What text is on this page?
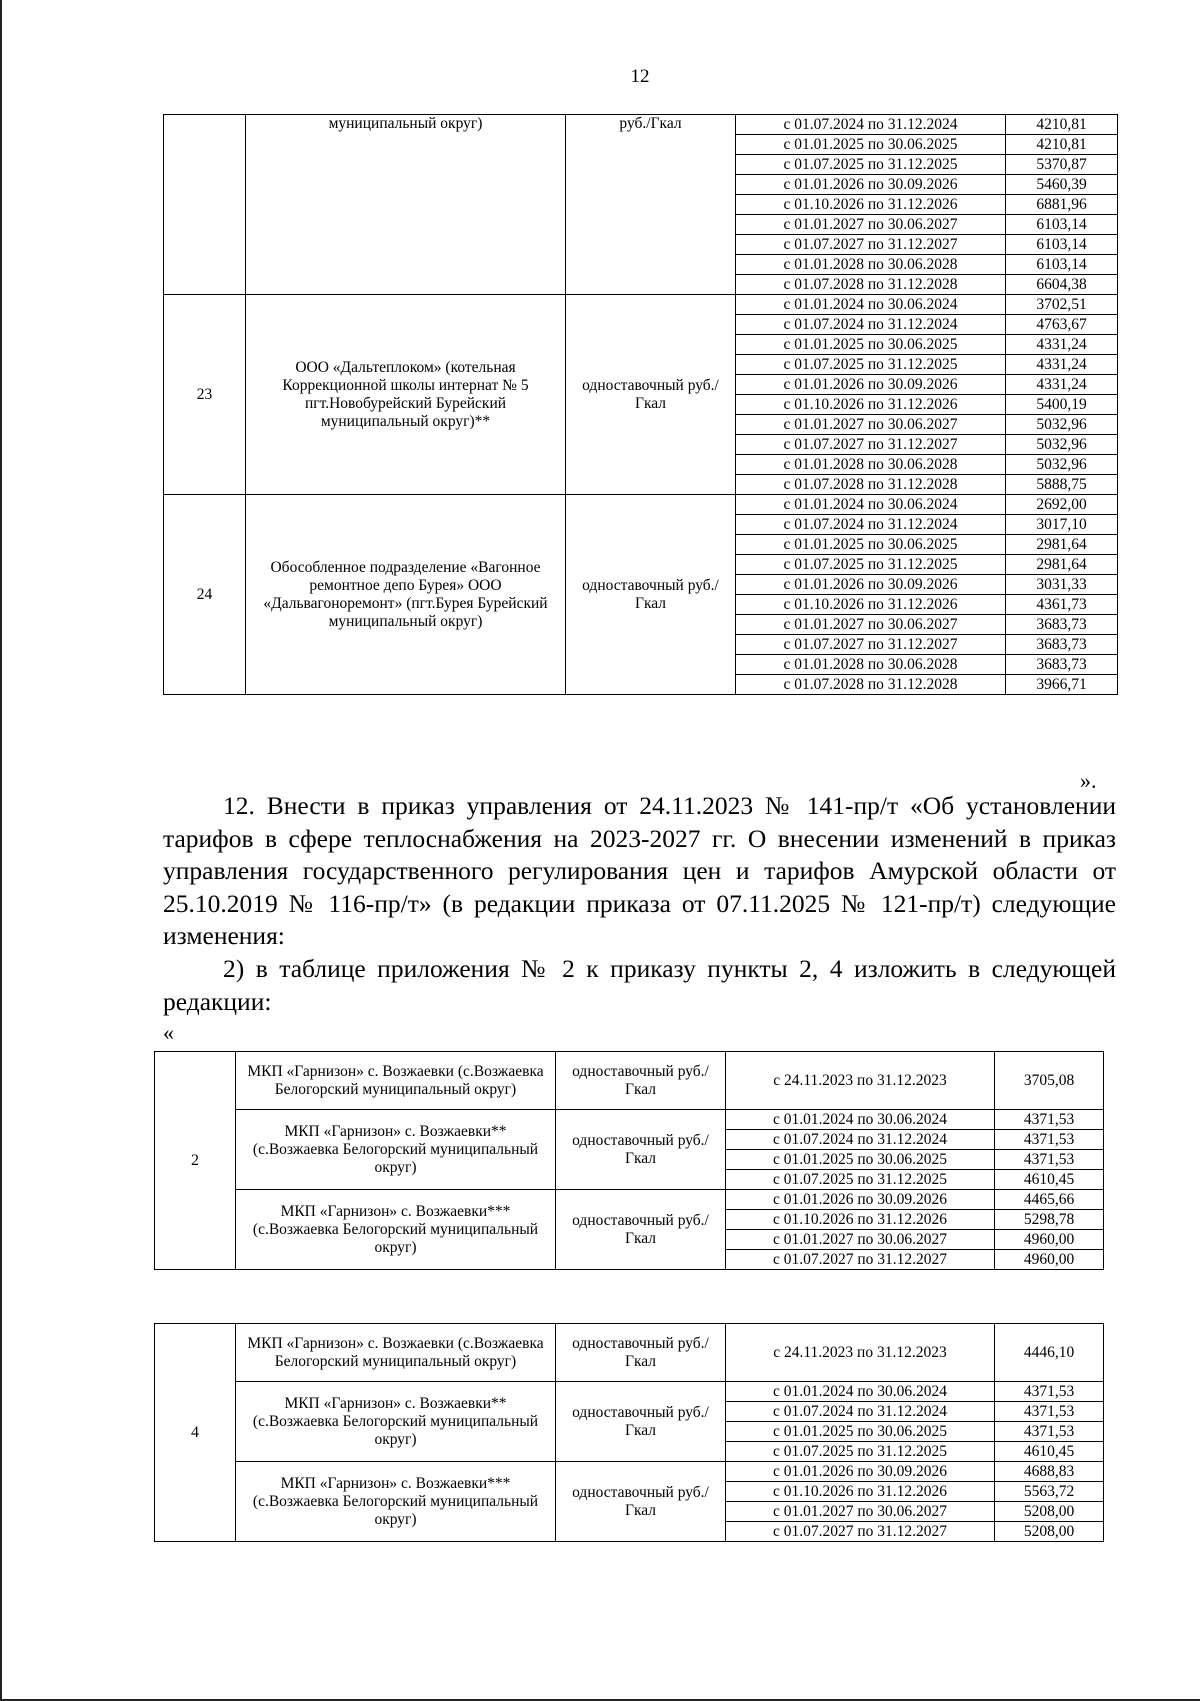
12
	муниципальный округ)	руб./Гкал	с 01.07.2024 по 31.12.2024	4210,81
			с 01.01.2025 по 30.06.2025	4210,81
			с 01.07.2025 по 31.12.2025	5370,87
			с 01.01.2026 по 30.09.2026	5460,39
			с 01.10.2026 по 31.12.2026	6881,96
			с 01.01.2027 по 30.06.2027	6103,14
			с 01.07.2027 по 31.12.2027	6103,14
			с 01.01.2028 по 30.06.2028	6103,14
			с 01.07.2028 по 31.12.2028	6604,38
23	ООО «Дальтеплоком» (котельная Коррекционной школы интернат № 5 пгт.Новобурейский Бурейский муниципальный округ)**	одноставочный руб./Гкал	с 01.01.2024 по 30.06.2024	3702,51
			с 01.07.2024 по 31.12.2024	4763,67
			с 01.01.2025 по 30.06.2025	4331,24
			с 01.07.2025 по 31.12.2025	4331,24
			с 01.01.2026 по 30.09.2026	4331,24
			с 01.10.2026 по 31.12.2026	5400,19
			с 01.01.2027 по 30.06.2027	5032,96
			с 01.07.2027 по 31.12.2027	5032,96
			с 01.01.2028 по 30.06.2028	5032,96
			с 01.07.2028 по 31.12.2028	5888,75
24	Обособленное подразделение «Вагонное ремонтное депо Бурея» ООО «Дальвагоноремонт» (пгт.Бурея Бурейский муниципальный округ)	одноставочный руб./Гкал	с 01.01.2024 по 30.06.2024	2692,00
			с 01.07.2024 по 31.12.2024	3017,10
			с 01.01.2025 по 30.06.2025	2981,64
			с 01.07.2025 по 31.12.2025	2981,64
			с 01.01.2026 по 30.09.2026	3031,33
			с 01.10.2026 по 31.12.2026	4361,73
			с 01.01.2027 по 30.06.2027	3683,73
			с 01.07.2027 по 31.12.2027	3683,73
			с 01.01.2028 по 30.06.2028	3683,73
			с 01.07.2028 по 31.12.2028	3966,71
».
12. Внести в приказ управления от 24.11.2023 № 141-пр/т «Об установлении тарифов в сфере теплоснабжения на 2023-2027 гг. О внесении изменений в приказ управления государственного регулирования цен и тарифов Амурской области от 25.10.2019 № 116-пр/т» (в редакции приказа от 07.11.2025 № 121-пр/т) следующие изменения:
2) в таблице приложения № 2 к приказу пункты 2, 4 изложить в следующей редакции:
«
2	МКП «Гарнизон» с. Возжаевки (с.Возжаевка Белогорский муниципальный округ)	одноставочный руб./Гкал	с 24.11.2023 по 31.12.2023	3705,08
	МКП «Гарнизон» с. Возжаевки** (с.Возжаевка Белогорский муниципальный округ)	одноставочный руб./Гкал	с 01.01.2024 по 30.06.2024	4371,53
			с 01.07.2024 по 31.12.2024	4371,53
			с 01.01.2025 по 30.06.2025	4371,53
			с 01.07.2025 по 31.12.2025	4610,45
	МКП «Гарнизон» с. Возжаевки*** (с.Возжаевка Белогорский муниципальный округ)	одноставочный руб./Гкал	с 01.01.2026 по 30.09.2026	4465,66
			с 01.10.2026 по 31.12.2026	5298,78
			с 01.01.2027 по 30.06.2027	4960,00
			с 01.07.2027 по 31.12.2027	4960,00
4	МКП «Гарнизон» с. Возжаевки (с.Возжаевка Белогорский муниципальный округ)	одноставочный руб./Гкал	с 24.11.2023 по 31.12.2023	4446,10
	МКП «Гарнизон» с. Возжаевки** (с.Возжаевка Белогорский муниципальный округ)	одноставочный руб./Гкал	с 01.01.2024 по 30.06.2024	4371,53
			с 01.07.2024 по 31.12.2024	4371,53
			с 01.01.2025 по 30.06.2025	4371,53
			с 01.07.2025 по 31.12.2025	4610,45
	МКП «Гарнизон» с. Возжаевки*** (с.Возжаевка Белогорский муниципальный округ)	одноставочный руб./Гкал	с 01.01.2026 по 30.09.2026	4688,83
			с 01.10.2026 по 31.12.2026	5563,72
			с 01.01.2027 по 30.06.2027	5208,00
			с 01.07.2027 по 31.12.2027	5208,00
